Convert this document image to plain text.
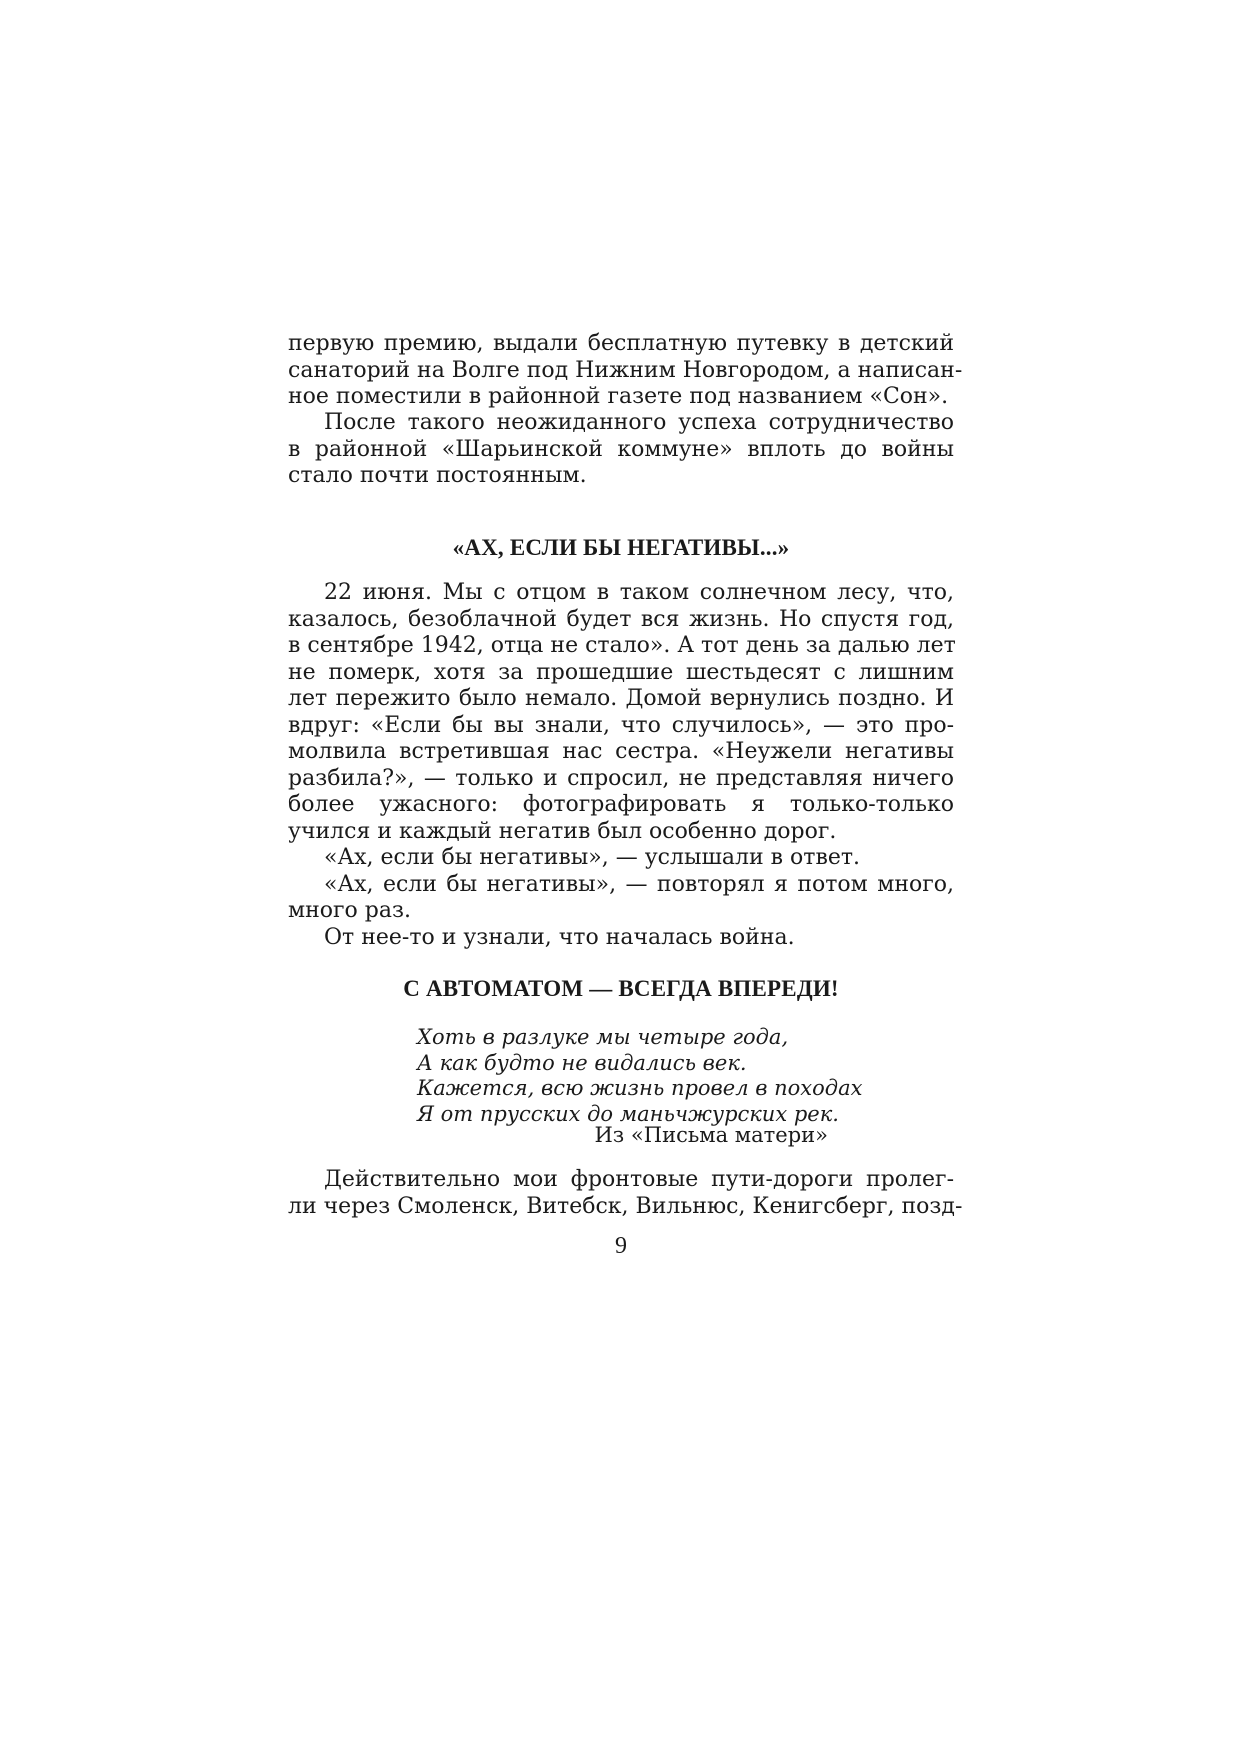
первую премию, выдали бесплатную путевку в детский
санаторий на Волге под Нижним Новгородом, а написан-
ное поместили в районной газете под названием «Сон».
После такого неожиданного успеха сотрудничество
в районной «Шарьинской коммуне» вплоть до войны
стало почти постоянным.
«АХ, ЕСЛИ БЫ НЕГАТИВЫ...»
22 июня. Мы с отцом в таком солнечном лесу, что,
казалось, безоблачной будет вся жизнь. Но спустя год,
в сентябре 1942, отца не стало». А тот день за далью лет
не померк, хотя за прошедшие шестьдесят с лишним
лет пережито было немало. Домой вернулись поздно. И
вдруг: «Если бы вы знали, что случилось», — это про-
молвила встретившая нас сестра. «Неужели негативы
разбила?», — только и спросил, не представляя ничего
более ужасного: фотографировать я только-только
учился и каждый негатив был особенно дорог.
«Ах, если бы негативы», — услышали в ответ.
«Ах, если бы негативы», — повторял я потом много,
много раз.
От нее-то и узнали, что началась война.
С АВТОМАТОМ — ВСЕГДА ВПЕРЕДИ!
Хоть в разлуке мы четыре года,
А как будто не видались век.
Кажется, всю жизнь провел в походах
Я от прусских до маньчжурских рек.
Из «Письма матери»
Действительно мои фронтовые пути-дороги пролег-
ли через Смоленск, Витебск, Вильнюс, Кенигсберг, позд-
9
